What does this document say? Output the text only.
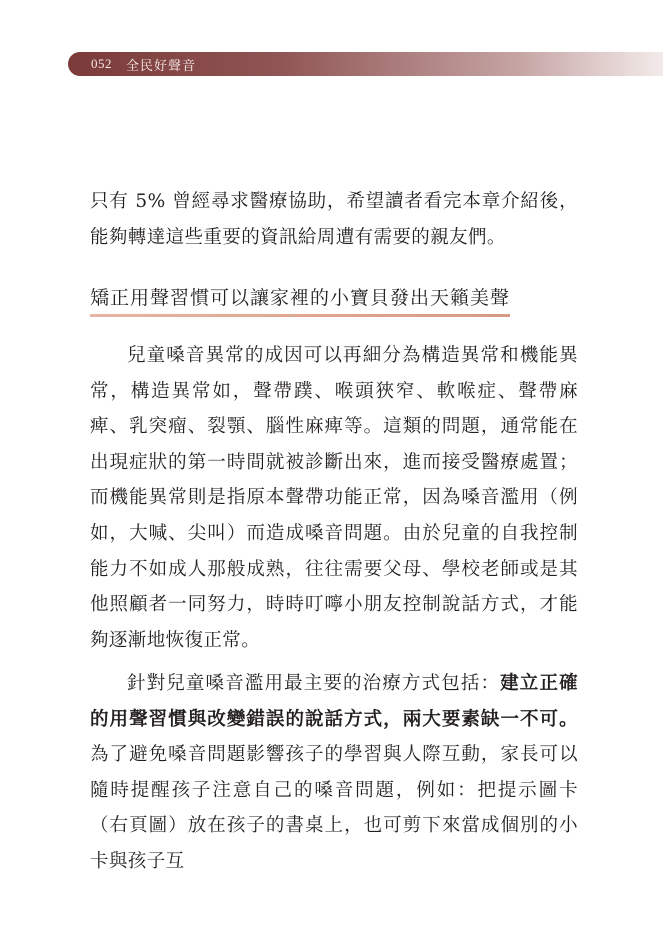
052 全民好聲音

只有 5% 曾經尋求醫療協助，希望讀者看完本章介紹後，能夠轉達這些重要的資訊給周遭有需要的親友們。

矯正用聲習慣可以讓家裡的小寶貝發出天籟美聲

兒童嗓音異常的成因可以再細分為構造異常和機能異常，構造異常如，聲帶蹼、喉頭狹窄、軟喉症、聲帶麻痺、乳突瘤、裂顎、腦性麻痺等。這類的問題，通常能在出現症狀的第一時間就被診斷出來，進而接受醫療處置；而機能異常則是指原本聲帶功能正常，因為嗓音濫用（例如，大喊、尖叫）而造成嗓音問題。由於兒童的自我控制能力不如成人那般成熟，往往需要父母、學校老師或是其他照顧者一同努力，時時叮嚀小朋友控制說話方式，才能夠逐漸地恢復正常。

針對兒童嗓音濫用最主要的治療方式包括：建立正確的用聲習慣與改變錯誤的說話方式，兩大要素缺一不可。為了避免嗓音問題影響孩子的學習與人際互動，家長可以隨時提醒孩子注意自己的嗓音問題，例如：把提示圖卡（右頁圖）放在孩子的書桌上，也可剪下來當成個別的小卡與孩子互
